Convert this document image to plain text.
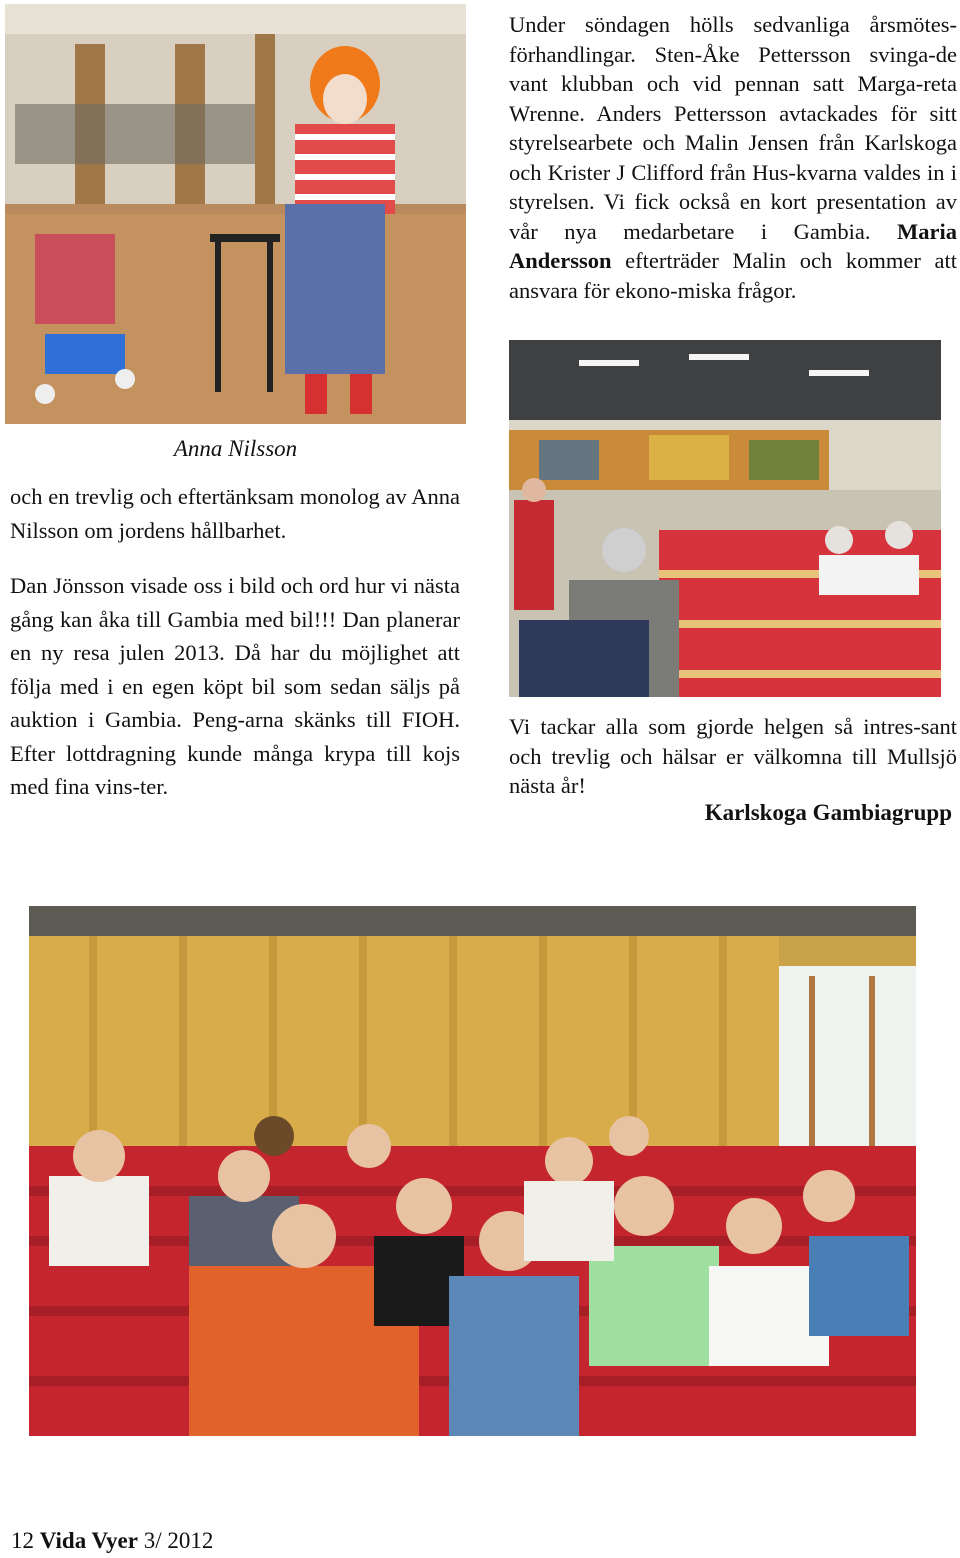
Anna Nilsson

Under söndagen hölls sedvanliga årsmötes-förhandlingar. Sten-Åke Pettersson svinga-de vant klubban och vid pennan satt Marga-reta Wrenne. Anders Pettersson avtackades för sitt styrelsearbete och Malin Jensen från Karlskoga och Krister J Clifford från Hus-kvarna valdes in i styrelsen. Vi fick också en kort presentation av vår nya medarbetare i Gambia. Maria Andersson efterträder Malin och kommer att ansvara för ekono-miska frågor.

och en trevlig och eftertänksam monolog av Anna Nilsson om jordens hållbarhet.

Dan Jönsson visade oss i bild och ord hur vi nästa gång kan åka till Gambia med bil!!! Dan planerar en ny resa julen 2013. Då har du möjlighet att följa med i en egen köpt bil som sedan säljs på auktion i Gambia. Peng-arna skänks till FIOH. Efter lottdragning kunde många krypa till kojs med fina vins-ter.

Vi tackar alla som gjorde helgen så intres-sant och trevlig och hälsar er välkomna till Mullsjö nästa år!

Karlskoga Gambiagrupp
12 Vida Vyer 3/ 2012
